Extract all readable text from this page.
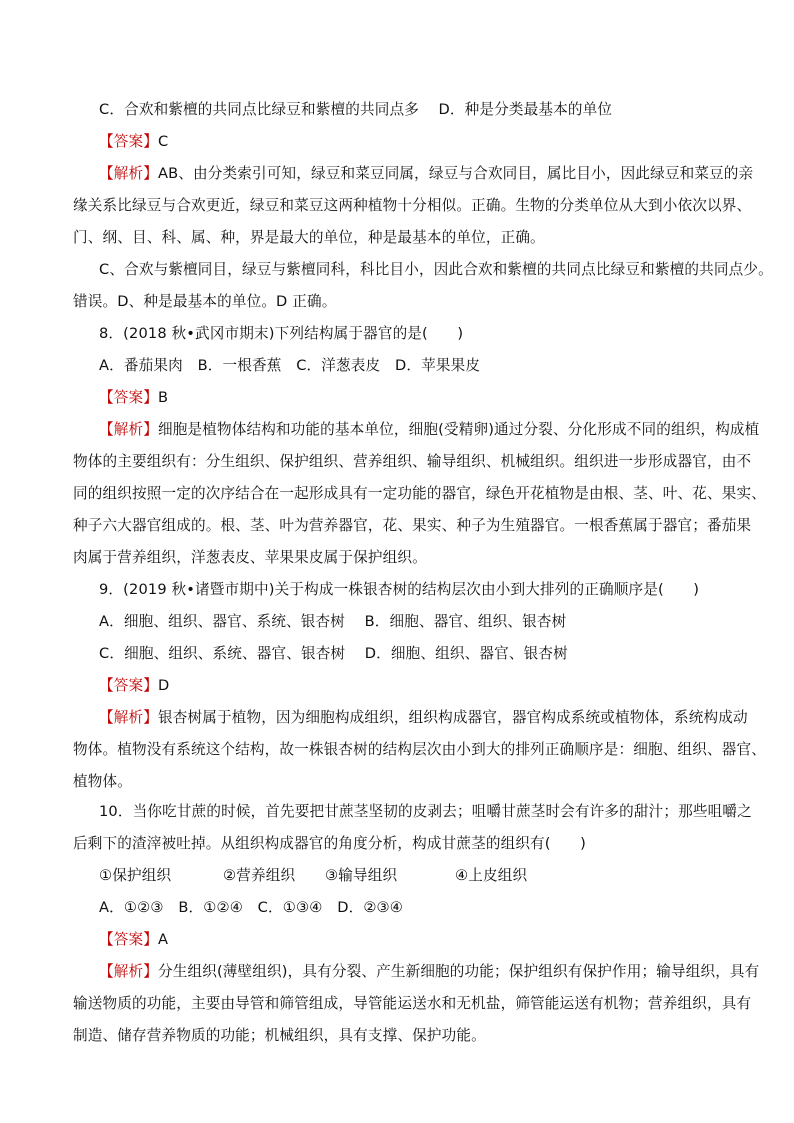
C．合欢和紫檀的共同点比绿豆和紫檀的共同点多　 D．种是分类最基本的单位
【答案】C
【解析】AB、由分类索引可知，绿豆和菜豆同属，绿豆与合欢同目，属比目小，因此绿豆和菜豆的亲
缘关系比绿豆与合欢更近，绿豆和菜豆这两种植物十分相似。正确。生物的分类单位从大到小依次以界、
门、纲、目、科、属、种，界是最大的单位，种是最基本的单位，正确。
C、合欢与紫檀同目，绿豆与紫檀同科，科比目小，因此合欢和紫檀的共同点比绿豆和紫檀的共同点少。
错误。D、种是最基本的单位。D 正确。
8．(2018 秋•武冈市期末)下列结构属于器官的是(　　)
A．番茄果肉　B．一根香蕉　C．洋葱表皮　D．苹果果皮
【答案】B
【解析】细胞是植物体结构和功能的基本单位，细胞(受精卵)通过分裂、分化形成不同的组织，构成植
物体的主要组织有：分生组织、保护组织、营养组织、输导组织、机械组织。组织进一步形成器官，由不
同的组织按照一定的次序结合在一起形成具有一定功能的器官，绿色开花植物是由根、茎、叶、花、果实、
种子六大器官组成的。根、茎、叶为营养器官，花、果实、种子为生殖器官。一根香蕉属于器官；番茄果
肉属于营养组织，洋葱表皮、苹果果皮属于保护组织。
9．(2019 秋•诸暨市期中)关于构成一株银杏树的结构层次由小到大排列的正确顺序是(　　)
A．细胞、组织、器官、系统、银杏树　 B．细胞、器官、组织、银杏树
C．细胞、组织、系统、器官、银杏树　 D．细胞、组织、器官、银杏树
【答案】D
【解析】银杏树属于植物，因为细胞构成组织，组织构成器官，器官构成系统或植物体，系统构成动
物体。植物没有系统这个结构，故一株银杏树的结构层次由小到大的排列正确顺序是：细胞、组织、器官、
植物体。
10．当你吃甘蔗的时候，首先要把甘蔗茎坚韧的皮剥去；咀嚼甘蔗茎时会有许多的甜汁；那些咀嚼之
后剩下的渣滓被吐掉。从组织构成器官的角度分析，构成甘蔗茎的组织有(　　)
①保护组织	②营养组织 ③输导组织	④上皮组织
A．①②③　B．①②④　C．①③④　D．②③④
【答案】A
【解析】分生组织(薄壁组织)，具有分裂、产生新细胞的功能；保护组织有保护作用；输导组织，具有
输送物质的功能，主要由导管和筛管组成，导管能运送水和无机盐，筛管能运送有机物；营养组织，具有
制造、储存营养物质的功能；机械组织，具有支撑、保护功能。
